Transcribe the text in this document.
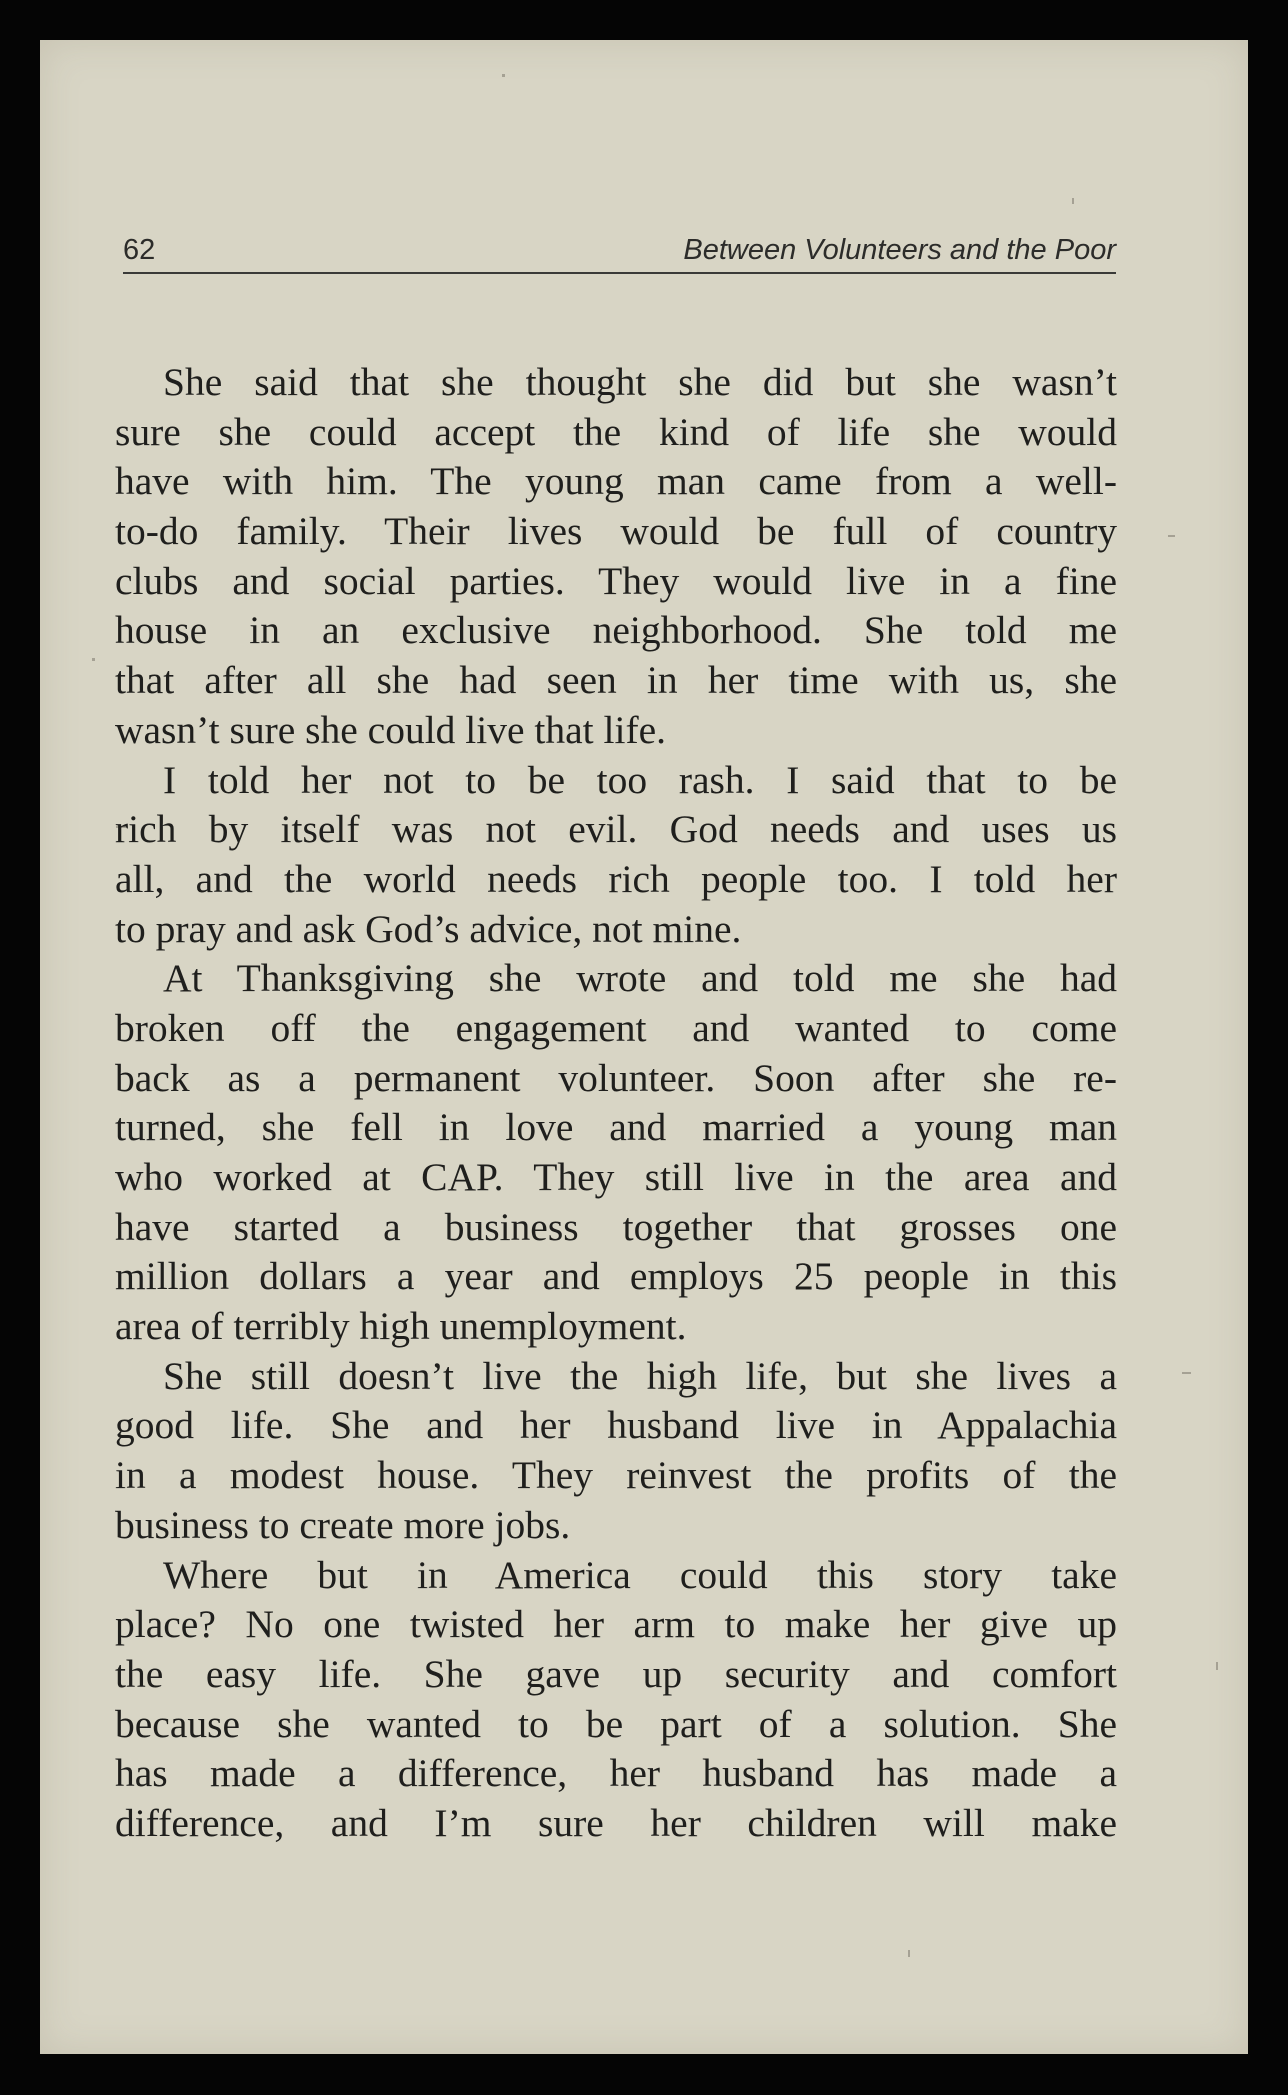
62	Between Volunteers and the Poor
She said that she thought she did but she wasn’t
sure she could accept the kind of life she would
have with him. The young man came from a well-
to-do family. Their lives would be full of country
clubs and social parties. They would live in a fine
house in an exclusive neighborhood. She told me
that after all she had seen in her time with us, she
wasn’t sure she could live that life.
I told her not to be too rash. I said that to be
rich by itself was not evil. God needs and uses us
all, and the world needs rich people too. I told her
to pray and ask God’s advice, not mine.
At Thanksgiving she wrote and told me she had
broken off the engagement and wanted to come
back as a permanent volunteer. Soon after she re-
turned, she fell in love and married a young man
who worked at CAP. They still live in the area and
have started a business together that grosses one
million dollars a year and employs 25 people in this
area of terribly high unemployment.
She still doesn’t live the high life, but she lives a
good life. She and her husband live in Appalachia
in a modest house. They reinvest the profits of the
business to create more jobs.
Where but in America could this story take
place? No one twisted her arm to make her give up
the easy life. She gave up security and comfort
because she wanted to be part of a solution. She
has made a difference, her husband has made a
difference, and I’m sure her children will make
